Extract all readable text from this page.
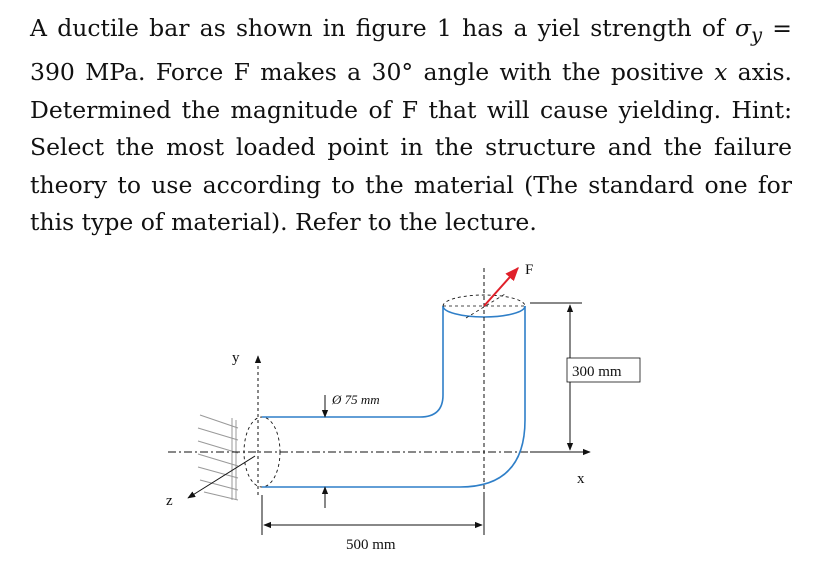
A ductile bar as shown in figure 1 has a yiel strength of $\sigma_y = 390$ MPa. Force F makes a 30° angle with the positive x axis. Determined the magnitude of F that will cause yielding. Hint: Select the most loaded point in the structure and the failure theory to use according to the material (The standard one for this type of material). Refer to the lecture.

F
y
x
z
Ø 75 mm
300 mm
500 mm
